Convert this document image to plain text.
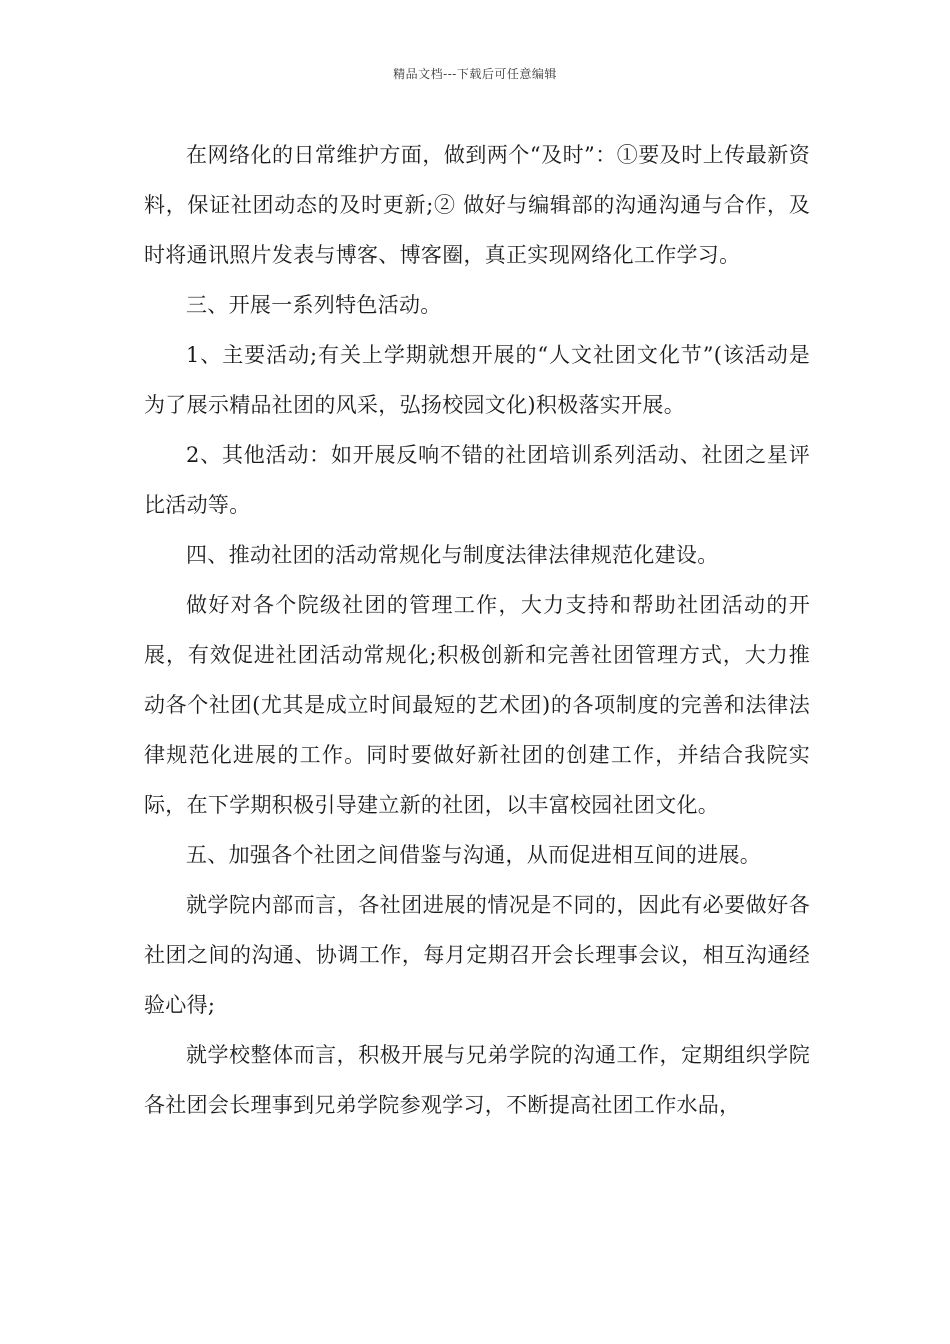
精品文档---下载后可任意编辑

在网络化的日常维护方面，做到两个“及时”：①要及时上传最新资料，保证社团动态的及时更新;② 做好与编辑部的沟通沟通与合作，及时将通讯照片发表与博客、博客圈，真正实现网络化工作学习。

三、开展一系列特色活动。

1、主要活动;有关上学期就想开展的“人文社团文化节”(该活动是为了展示精品社团的风采，弘扬校园文化)积极落实开展。

2、其他活动：如开展反响不错的社团培训系列活动、社团之星评比活动等。

四、推动社团的活动常规化与制度法律法律规范化建设。

做好对各个院级社团的管理工作，大力支持和帮助社团活动的开展，有效促进社团活动常规化;积极创新和完善社团管理方式，大力推动各个社团(尤其是成立时间最短的艺术团)的各项制度的完善和法律法律规范化进展的工作。同时要做好新社团的创建工作，并结合我院实际，在下学期积极引导建立新的社团，以丰富校园社团文化。

五、加强各个社团之间借鉴与沟通，从而促进相互间的进展。

就学院内部而言，各社团进展的情况是不同的，因此有必要做好各社团之间的沟通、协调工作，每月定期召开会长理事会议，相互沟通经验心得;

就学校整体而言，积极开展与兄弟学院的沟通工作，定期组织学院各社团会长理事到兄弟学院参观学习，不断提高社团工作水品，
